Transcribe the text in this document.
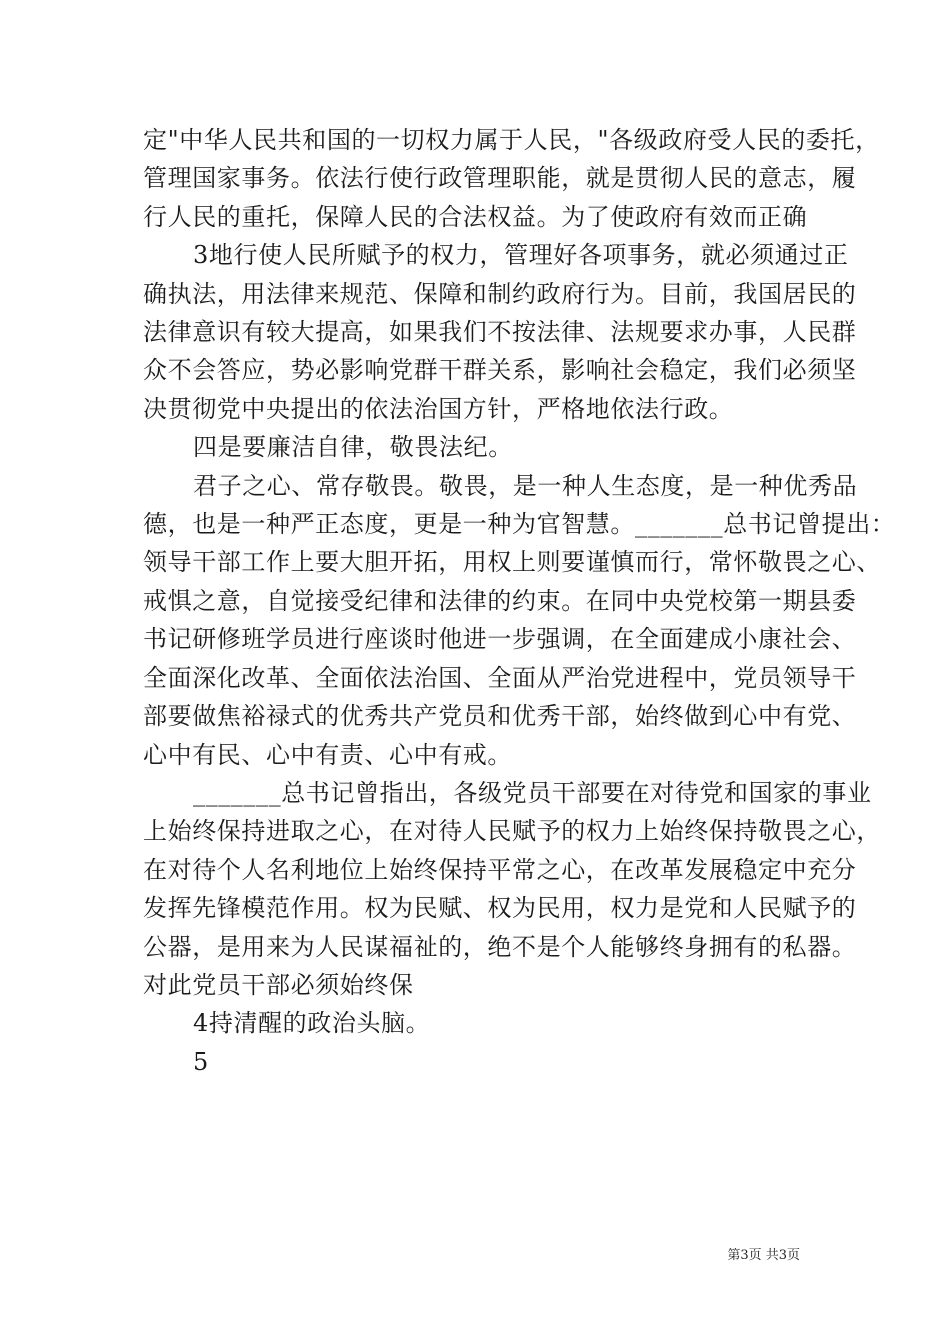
定"中华人民共和国的一切权力属于人民，"各级政府受人民的委托，
管理国家事务。依法行使行政管理职能，就是贯彻人民的意志，履
行人民的重托，保障人民的合法权益。为了使政府有效而正确
3地行使人民所赋予的权力，管理好各项事务，就必须通过正
确执法，用法律来规范、保障和制约政府行为。目前，我国居民的
法律意识有较大提高，如果我们不按法律、法规要求办事，人民群
众不会答应，势必影响党群干群关系，影响社会稳定，我们必须坚
决贯彻党中央提出的依法治国方针，严格地依法行政。
四是要廉洁自律，敬畏法纪。
君子之心、常存敬畏。敬畏，是一种人生态度，是一种优秀品
德，也是一种严正态度，更是一种为官智慧。_______总书记曾提出：
领导干部工作上要大胆开拓，用权上则要谨慎而行，常怀敬畏之心、
戒惧之意，自觉接受纪律和法律的约束。在同中央党校第一期县委
书记研修班学员进行座谈时他进一步强调，在全面建成小康社会、
全面深化改革、全面依法治国、全面从严治党进程中，党员领导干
部要做焦裕禄式的优秀共产党员和优秀干部，始终做到心中有党、
心中有民、心中有责、心中有戒。
_______总书记曾指出，各级党员干部要在对待党和国家的事业
上始终保持进取之心，在对待人民赋予的权力上始终保持敬畏之心，
在对待个人名利地位上始终保持平常之心，在改革发展稳定中充分
发挥先锋模范作用。权为民赋、权为民用，权力是党和人民赋予的
公器，是用来为人民谋福祉的，绝不是个人能够终身拥有的私器。
对此党员干部必须始终保
4持清醒的政治头脑。
5
第3页 共3页
